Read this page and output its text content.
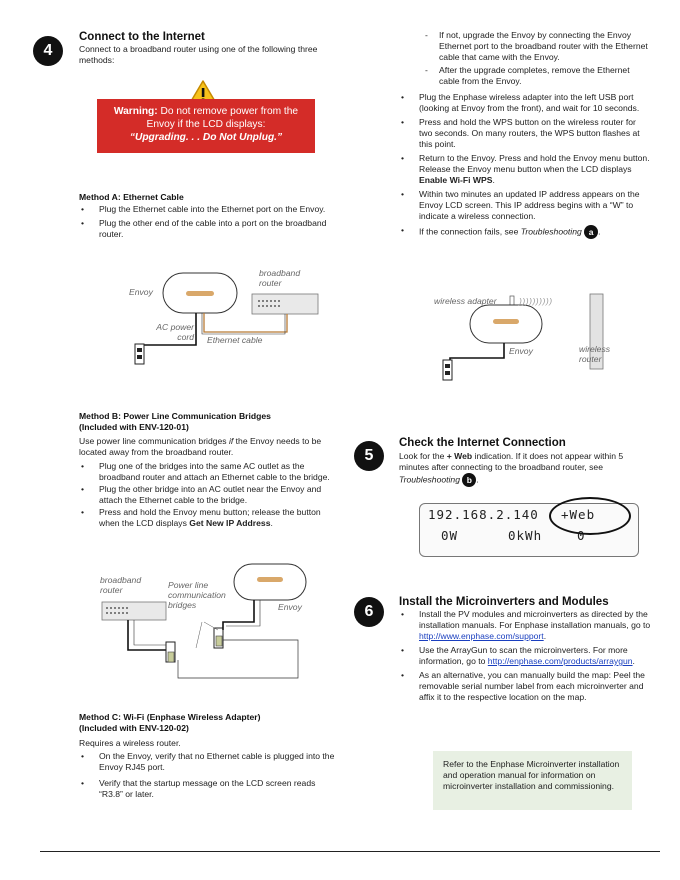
4
Connect to the Internet
Connect to a broadband router using one of the following three methods:
Warning: Do not remove power from the Envoy if the LCD displays:
“Upgrading. . . Do Not Unplug.”
Method A: Ethernet Cable
• Plug the Ethernet cable into the Ethernet port on the Envoy.
• Plug the other end of the cable into a port on the broadband router.
Envoy
broadband
router
AC power
cord Ethernet cable
Method B: Power Line Communication Bridges
(Included with ENV-120-01)
Use power line communication bridges if the Envoy needs to be located away from the broadband router.
• Plug one of the bridges into the same AC outlet as the broadband router and attach an Ethernet cable to the bridge.
• Plug the other bridge into an AC outlet near the Envoy and attach the Ethernet cable to the bridge.
• Press and hold the Envoy menu button; release the button when the LCD displays Get New IP Address.
broadband
router	Power line
communication
bridges	Envoy
Method C: Wi-Fi (Enphase Wireless Adapter)
(Included with ENV-120-02)
Requires a wireless router.
• On the Envoy, verify that no Ethernet cable is plugged into the Envoy RJ45 port.
• Verify that the startup message on the LCD screen reads “R3.8” or later.
- If not, upgrade the Envoy by connecting the Envoy Ethernet port to the broadband router with the Ethernet cable that came with the Envoy.
- After the upgrade completes, remove the Ethernet cable from the Envoy.
• Plug the Enphase wireless adapter into the left USB port (looking at Envoy from the front), and wait for 10 seconds.
• Press and hold the WPS button on the wireless router for two seconds. On many routers, the WPS button flashes at this point.
• Return to the Envoy. Press and hold the Envoy menu button. Release the Envoy menu button when the LCD displays Enable Wi-Fi WPS.
• Within two minutes an updated IP address appears on the Envoy LCD screen. This IP address begins with a “W” to indicate a wireless connection.
• If the connection fails, see Troubleshooting a .
wireless adapter	))))))))))
Envoy	wireless
router
5
Check the Internet Connection
Look for the + Web indication. If it does not appear within 5 minutes after connecting to the broadband router, see Troubleshooting b .
192.168.2.140 +Web
0W	0kWh	0
6
Install the Microinverters and Modules
• Install the PV modules and microinverters as directed by the installation manuals. For Enphase installation manuals, go to http://www.enphase.com/support.
• Use the ArrayGun to scan the microinverters. For more information, go to http://enphase.com/products/arraygun.
• As an alternative, you can manually build the map: Peel the removable serial number label from each microinverter and affix it to the respective location on the map.
Refer to the Enphase Microinverter installation and operation manual for information on microinverter installation and commissioning.
